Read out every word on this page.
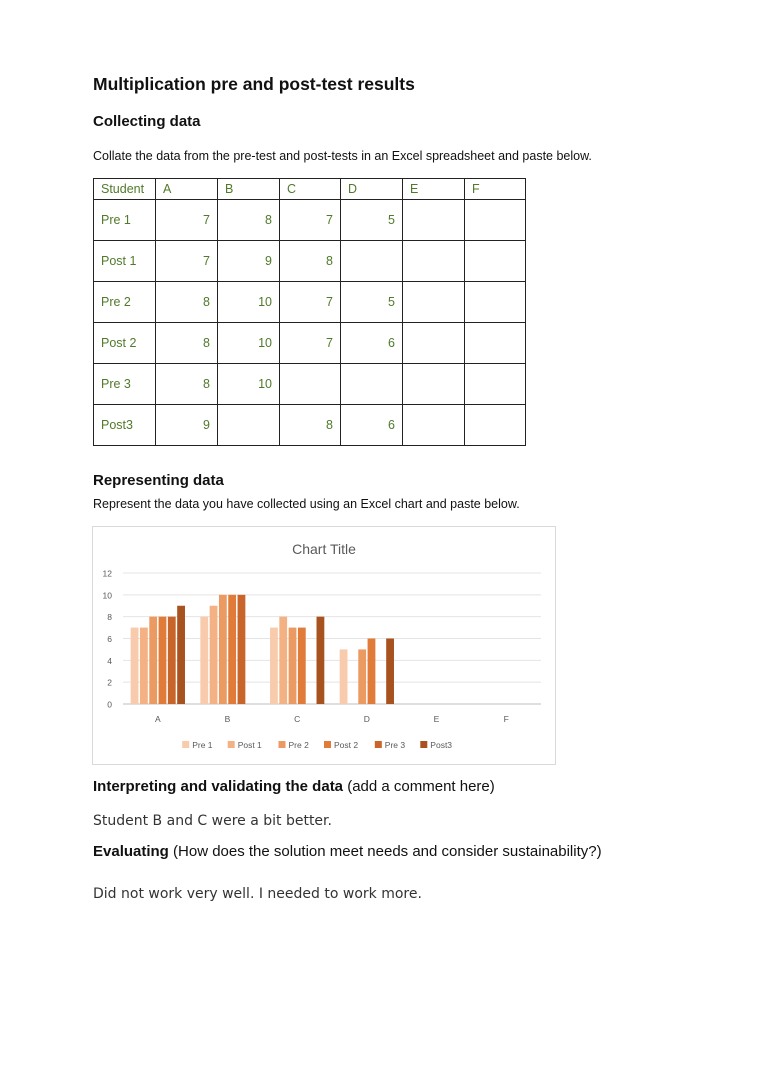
Multiplication pre and post-test results
Collecting data
Collate the data from the pre-test and post-tests in an Excel spreadsheet and paste below.
Student	A	B	C	D	E	F
Pre 1	7	8	7	5		
Post 1	7	9	8			
Pre 2	8	10	7	5		
Post 2	8	10	7	6		
Pre 3	8	10				
Post3	9		8	6		
Representing data
Represent the data you have collected using an Excel chart and paste below.
Chart Title
0
2
4
6
8
10
12
A	B	C	D	E	F
Pre 1	Post 1	Pre 2	Post 2	Pre 3	Post3
Interpreting and validating the data (add a comment here)
Student B and C were a bit better.
Evaluating (How does the solution meet needs and consider sustainability?)
Did not work very well. I needed to work more.
